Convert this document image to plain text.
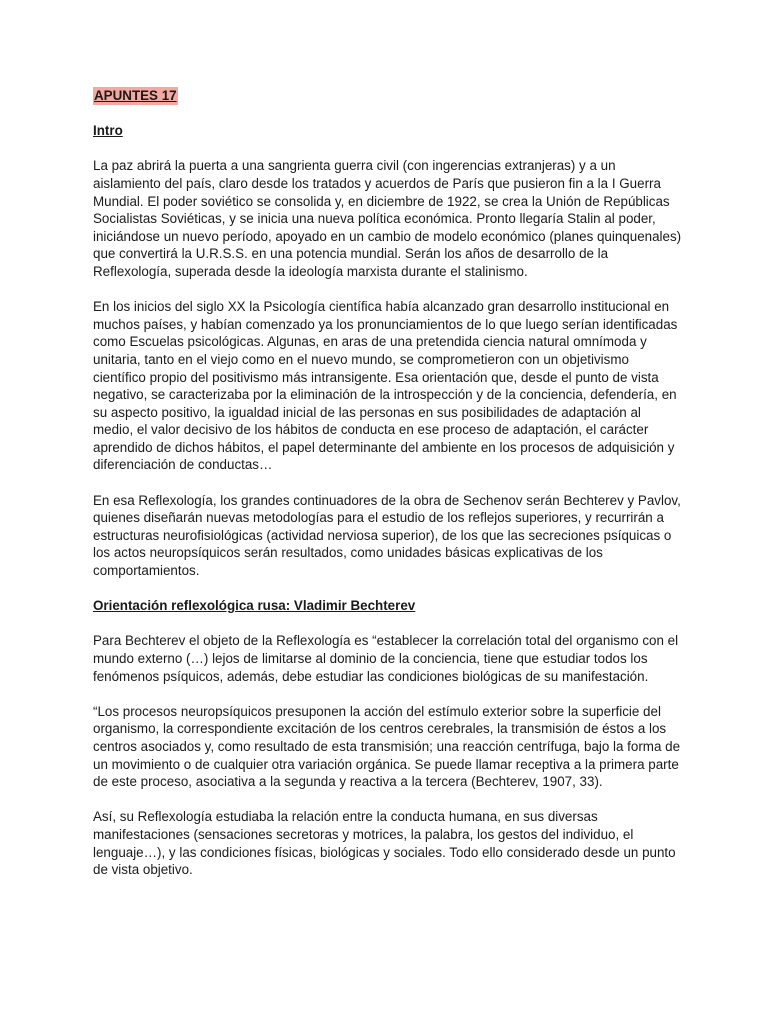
APUNTES 17

Intro

La paz abrirá la puerta a una sangrienta guerra civil (con ingerencias extranjeras) y a un aislamiento del país, claro desde los tratados y acuerdos de París que pusieron fin a la I Guerra Mundial. El poder soviético se consolida y, en diciembre de 1922, se crea la Unión de Repúblicas Socialistas Soviéticas, y se inicia una nueva política económica. Pronto llegaría Stalin al poder, iniciándose un nuevo período, apoyado en un cambio de modelo económico (planes quinquenales) que convertirá la U.R.S.S. en una potencia mundial. Serán los años de desarrollo de la Reflexología, superada desde la ideología marxista durante el stalinismo.

En los inicios del siglo XX la Psicología científica había alcanzado gran desarrollo institucional en muchos países, y habían comenzado ya los pronunciamientos de lo que luego serían identificadas como Escuelas psicológicas. Algunas, en aras de una pretendida ciencia natural omnímoda y unitaria, tanto en el viejo como en el nuevo mundo, se comprometieron con un objetivismo científico propio del positivismo más intransigente. Esa orientación que, desde el punto de vista negativo, se caracterizaba por la eliminación de la introspección y de la conciencia, defendería, en su aspecto positivo, la igualdad inicial de las personas en sus posibilidades de adaptación al medio, el valor decisivo de los hábitos de conducta en ese proceso de adaptación, el carácter aprendido de dichos hábitos, el papel determinante del ambiente en los procesos de adquisición y diferenciación de conductas…

En esa Reflexología, los grandes continuadores de la obra de Sechenov serán Bechterev y Pavlov, quienes diseñarán nuevas metodologías para el estudio de los reflejos superiores, y recurrirán a estructuras neurofisiológicas (actividad nerviosa superior), de los que las secreciones psíquicas o los actos neuropsíquicos serán resultados, como unidades básicas explicativas de los comportamientos.

Orientación reflexológica rusa: Vladimir Bechterev

Para Bechterev el objeto de la Reflexología es “establecer la correlación total del organismo con el mundo externo (…) lejos de limitarse al dominio de la conciencia, tiene que estudiar todos los fenómenos psíquicos, además, debe estudiar las condiciones biológicas de su manifestación.

“Los procesos neuropsíquicos presuponen la acción del estímulo exterior sobre la superficie del organismo, la correspondiente excitación de los centros cerebrales, la transmisión de éstos a los centros asociados y, como resultado de esta transmisión; una reacción centrífuga, bajo la forma de un movimiento o de cualquier otra variación orgánica. Se puede llamar receptiva a la primera parte de este proceso, asociativa a la segunda y reactiva a la tercera (Bechterev, 1907, 33).

Así, su Reflexología estudiaba la relación entre la conducta humana, en sus diversas manifestaciones (sensaciones secretoras y motrices, la palabra, los gestos del individuo, el lenguaje…), y las condiciones físicas, biológicas y sociales. Todo ello considerado desde un punto de vista objetivo.
